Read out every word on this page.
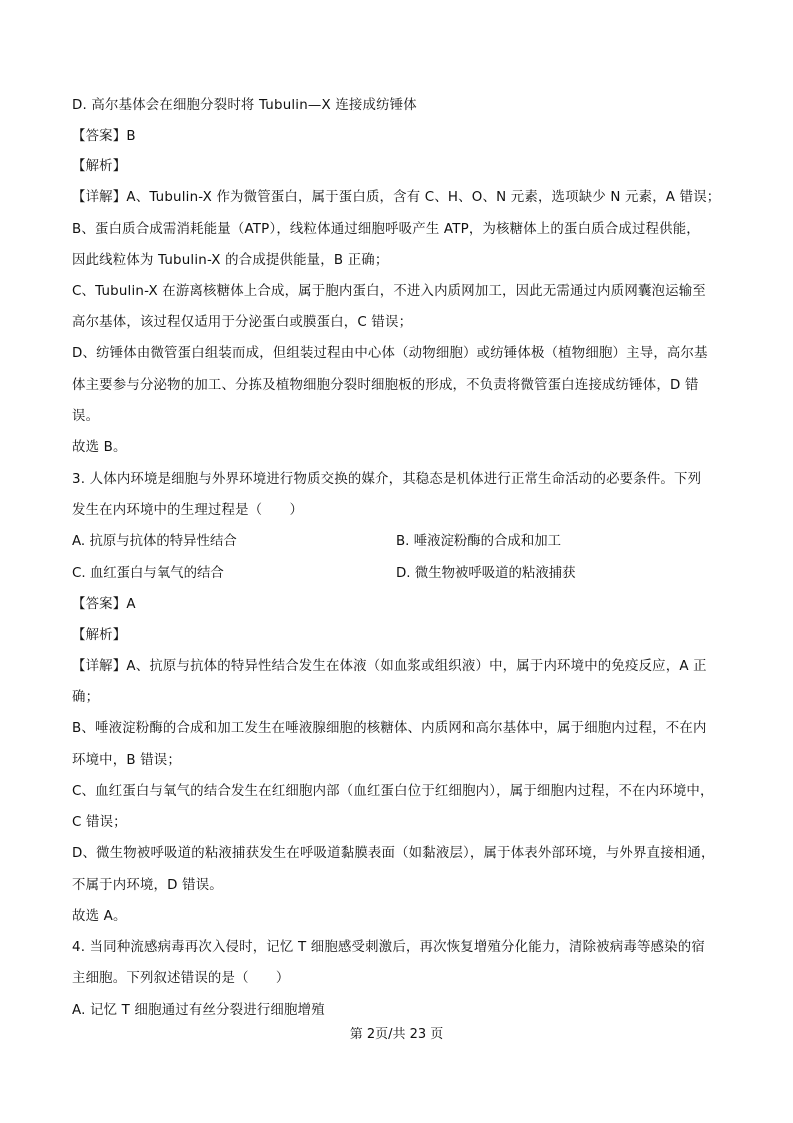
D. 高尔基体会在细胞分裂时将 Tubulin—X 连接成纺锤体
【答案】B
【解析】
【详解】A、Tubulin-X 作为微管蛋白，属于蛋白质，含有 C、H、O、N 元素，选项缺少 N 元素，A 错误；
B、蛋白质合成需消耗能量（ATP），线粒体通过细胞呼吸产生 ATP，为核糖体上的蛋白质合成过程供能，
因此线粒体为 Tubulin-X 的合成提供能量，B 正确；
C、Tubulin-X 在游离核糖体上合成，属于胞内蛋白，不进入内质网加工，因此无需通过内质网囊泡运输至
高尔基体，该过程仅适用于分泌蛋白或膜蛋白，C 错误；
D、纺锤体由微管蛋白组装而成，但组装过程由中心体（动物细胞）或纺锤体极（植物细胞）主导，高尔基
体主要参与分泌物的加工、分拣及植物细胞分裂时细胞板的形成，不负责将微管蛋白连接成纺锤体，D 错
误。
故选 B。
3. 人体内环境是细胞与外界环境进行物质交换的媒介，其稳态是机体进行正常生命活动的必要条件。下列
发生在内环境中的生理过程是（　　）
A. 抗原与抗体的特异性结合	B. 唾液淀粉酶的合成和加工
C. 血红蛋白与氧气的结合	D. 微生物被呼吸道的粘液捕获
【答案】A
【解析】
【详解】A、抗原与抗体的特异性结合发生在体液（如血浆或组织液）中，属于内环境中的免疫反应，A 正
确；
B、唾液淀粉酶的合成和加工发生在唾液腺细胞的核糖体、内质网和高尔基体中，属于细胞内过程，不在内
环境中，B 错误；
C、血红蛋白与氧气的结合发生在红细胞内部（血红蛋白位于红细胞内），属于细胞内过程，不在内环境中，
C 错误；
D、微生物被呼吸道的粘液捕获发生在呼吸道黏膜表面（如黏液层），属于体表外部环境，与外界直接相通，
不属于内环境，D 错误。
故选 A。
4. 当同种流感病毒再次入侵时，记忆 T 细胞感受刺激后，再次恢复增殖分化能力，清除被病毒等感染的宿
主细胞。下列叙述错误的是（　　）
A. 记忆 T 细胞通过有丝分裂进行细胞增殖
第 2页/共 23 页
